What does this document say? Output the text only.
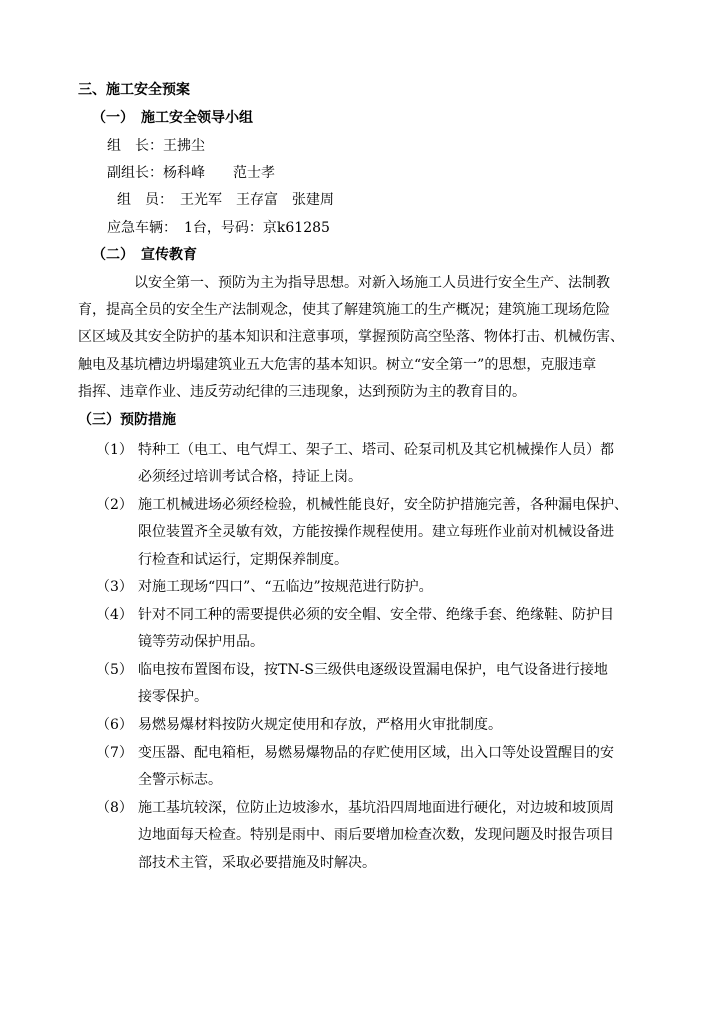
三、施工安全预案
（一）　施工安全领导小组
组　长：王拂尘
副组长：杨科峰　　范士孝
组　员：　王光军　王存富　张建周
应急车辆：　1台，号码：京k61285
（二）　宣传教育
以安全第一、预防为主为指导思想。对新入场施工人员进行安全生产、法制教
育，提高全员的安全生产法制观念，使其了解建筑施工的生产概况；建筑施工现场危险
区区域及其安全防护的基本知识和注意事项，掌握预防高空坠落、物体打击、机械伤害、
触电及基坑槽边坍塌建筑业五大危害的基本知识。树立“安全第一”的思想，克服违章
指挥、违章作业、违反劳动纪律的三违现象，达到预防为主的教育目的。
（三）预防措施
（1） 特种工（电工、电气焊工、架子工、塔司、砼泵司机及其它机械操作人员）都
必须经过培训考试合格，持证上岗。
（2） 施工机械进场必须经检验，机械性能良好，安全防护措施完善，各种漏电保护、
限位装置齐全灵敏有效，方能按操作规程使用。建立每班作业前对机械设备进
行检查和试运行，定期保养制度。
（3） 对施工现场“四口”、“五临边”按规范进行防护。
（4） 针对不同工种的需要提供必须的安全帽、安全带、绝缘手套、绝缘鞋、防护目
镜等劳动保护用品。
（5） 临电按布置图布设，按TN-S三级供电逐级设置漏电保护，电气设备进行接地
接零保护。
（6） 易燃易爆材料按防火规定使用和存放，严格用火审批制度。
（7） 变压器、配电箱柜，易燃易爆物品的存贮使用区域，出入口等处设置醒目的安
全警示标志。
（8） 施工基坑较深，位防止边坡渗水，基坑沿四周地面进行硬化，对边坡和坡顶周
边地面每天检查。特别是雨中、雨后要增加检查次数，发现问题及时报告项目
部技术主管，采取必要措施及时解决。
